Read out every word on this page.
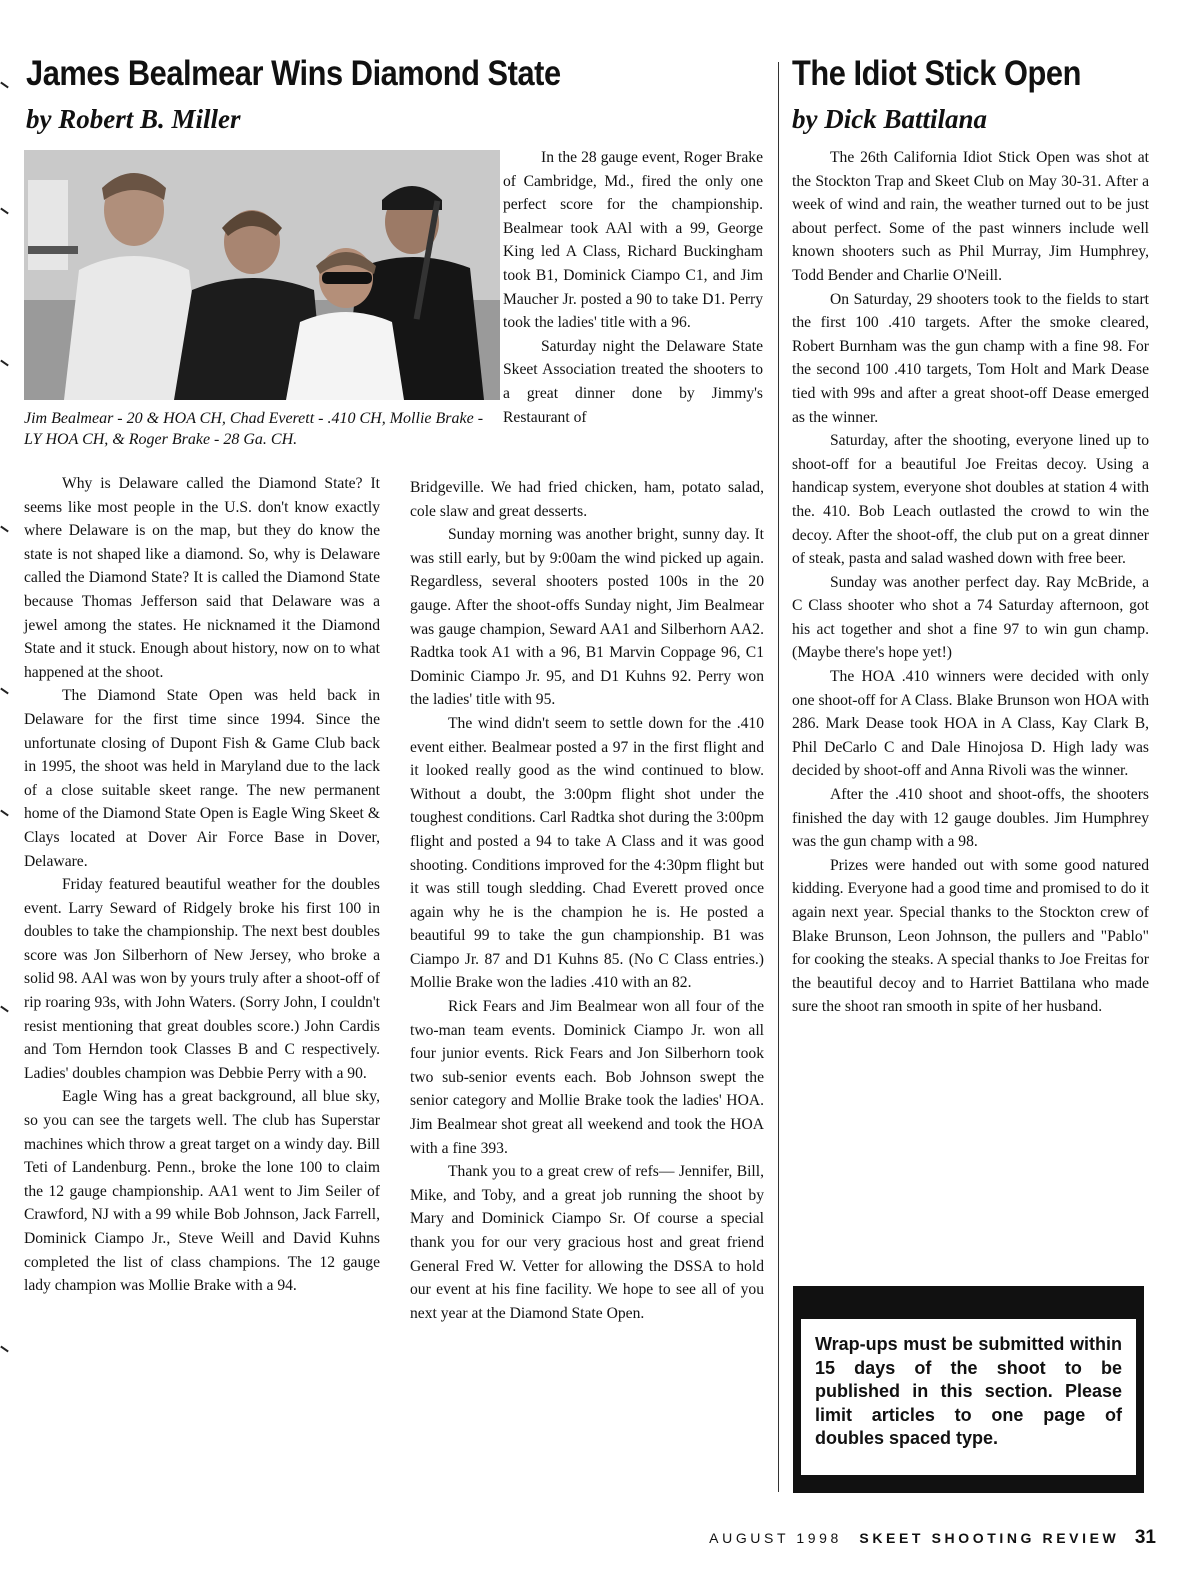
James Bealmear Wins Diamond State
by Robert B. Miller
The Idiot Stick Open
by Dick Battilana
Jim Bealmear - 20 & HOA CH, Chad Everett - .410 CH, Mollie Brake - LY HOA CH, & Roger Brake - 28 Ga. CH.

In the 28 gauge event, Roger Brake of Cambridge, Md., fired the only one perfect score for the championship. Bealmear took AAl with a 99, George King led A Class, Richard Buckingham took B1, Dominick Ciampo C1, and Jim Maucher Jr. posted a 90 to take D1. Perry took the ladies' title with a 96.

Saturday night the Delaware State Skeet Association treated the shooters to a great dinner done by Jimmy's Restaurant of

Why is Delaware called the Diamond State? It seems like most people in the U.S. don't know exactly where Delaware is on the map, but they do know the state is not shaped like a diamond. So, why is Delaware called the Diamond State? It is called the Diamond State because Thomas Jefferson said that Delaware was a jewel among the states. He nicknamed it the Diamond State and it stuck. Enough about history, now on to what happened at the shoot.

The Diamond State Open was held back in Delaware for the first time since 1994. Since the unfortunate closing of Dupont Fish & Game Club back in 1995, the shoot was held in Maryland due to the lack of a close suitable skeet range. The new permanent home of the Diamond State Open is Eagle Wing Skeet & Clays located at Dover Air Force Base in Dover, Delaware.

Friday featured beautiful weather for the doubles event. Larry Seward of Ridgely broke his first 100 in doubles to take the championship. The next best doubles score was Jon Silberhorn of New Jersey, who broke a solid 98. AAl was won by yours truly after a shoot-off of rip roaring 93s, with John Waters. (Sorry John, I couldn't resist mentioning that great doubles score.) John Cardis and Tom Herndon took Classes B and C respectively. Ladies' doubles champion was Debbie Perry with a 90.

Eagle Wing has a great background, all blue sky, so you can see the targets well. The club has Superstar machines which throw a great target on a windy day. Bill Teti of Landenburg. Penn., broke the lone 100 to claim the 12 gauge championship. AA1 went to Jim Seiler of Crawford, NJ with a 99 while Bob Johnson, Jack Farrell, Dominick Ciampo Jr., Steve Weill and David Kuhns completed the list of class champions. The 12 gauge lady champion was Mollie Brake with a 94.

Bridgeville. We had fried chicken, ham, potato salad, cole slaw and great desserts.

Sunday morning was another bright, sunny day. It was still early, but by 9:00am the wind picked up again. Regardless, several shooters posted 100s in the 20 gauge. After the shoot-offs Sunday night, Jim Bealmear was gauge champion, Seward AA1 and Silberhorn AA2. Radtka took A1 with a 96, B1 Marvin Coppage 96, C1 Dominic Ciampo Jr. 95, and D1 Kuhns 92. Perry won the ladies' title with 95.

The wind didn't seem to settle down for the .410 event either. Bealmear posted a 97 in the first flight and it looked really good as the wind continued to blow. Without a doubt, the 3:00pm flight shot under the toughest conditions. Carl Radtka shot during the 3:00pm flight and posted a 94 to take A Class and it was good shooting. Conditions improved for the 4:30pm flight but it was still tough sledding. Chad Everett proved once again why he is the champion he is. He posted a beautiful 99 to take the gun championship. B1 was Ciampo Jr. 87 and D1 Kuhns 85. (No C Class entries.) Mollie Brake won the ladies .410 with an 82.

Rick Fears and Jim Bealmear won all four of the two-man team events. Dominick Ciampo Jr. won all four junior events. Rick Fears and Jon Silberhorn took two sub-senior events each. Bob Johnson swept the senior category and Mollie Brake took the ladies' HOA. Jim Bealmear shot great all weekend and took the HOA with a fine 393.

Thank you to a great crew of refs— Jennifer, Bill, Mike, and Toby, and a great job running the shoot by Mary and Dominick Ciampo Sr. Of course a special thank you for our very gracious host and great friend General Fred W. Vetter for allowing the DSSA to hold our event at his fine facility. We hope to see all of you next year at the Diamond State Open.

The 26th California Idiot Stick Open was shot at the Stockton Trap and Skeet Club on May 30-31. After a week of wind and rain, the weather turned out to be just about perfect. Some of the past winners include well known shooters such as Phil Murray, Jim Humphrey, Todd Bender and Charlie O'Neill.

On Saturday, 29 shooters took to the fields to start the first 100 .410 targets. After the smoke cleared, Robert Burnham was the gun champ with a fine 98. For the second 100 .410 targets, Tom Holt and Mark Dease tied with 99s and after a great shoot-off Dease emerged as the winner.

Saturday, after the shooting, everyone lined up to shoot-off for a beautiful Joe Freitas decoy. Using a handicap system, everyone shot doubles at station 4 with the. 410. Bob Leach outlasted the crowd to win the decoy. After the shoot-off, the club put on a great dinner of steak, pasta and salad washed down with free beer.

Sunday was another perfect day. Ray McBride, a C Class shooter who shot a 74 Saturday afternoon, got his act together and shot a fine 97 to win gun champ. (Maybe there's hope yet!)

The HOA .410 winners were decided with only one shoot-off for A Class. Blake Brunson won HOA with 286. Mark Dease took HOA in A Class, Kay Clark B, Phil DeCarlo C and Dale Hinojosa D. High lady was decided by shoot-off and Anna Rivoli was the winner.

After the .410 shoot and shoot-offs, the shooters finished the day with 12 gauge doubles. Jim Humphrey was the gun champ with a 98.

Prizes were handed out with some good natured kidding. Everyone had a good time and promised to do it again next year. Special thanks to the Stockton crew of Blake Brunson, Leon Johnson, the pullers and "Pablo" for cooking the steaks. A special thanks to Joe Freitas for the beautiful decoy and to Harriet Battilana who made sure the shoot ran smooth in spite of her husband.

Wrap-ups must be submitted within 15 days of the shoot to be published in this section. Please limit articles to one page of doubles spaced type.
AUGUST 1998 SKEET SHOOTING REVIEW 31
